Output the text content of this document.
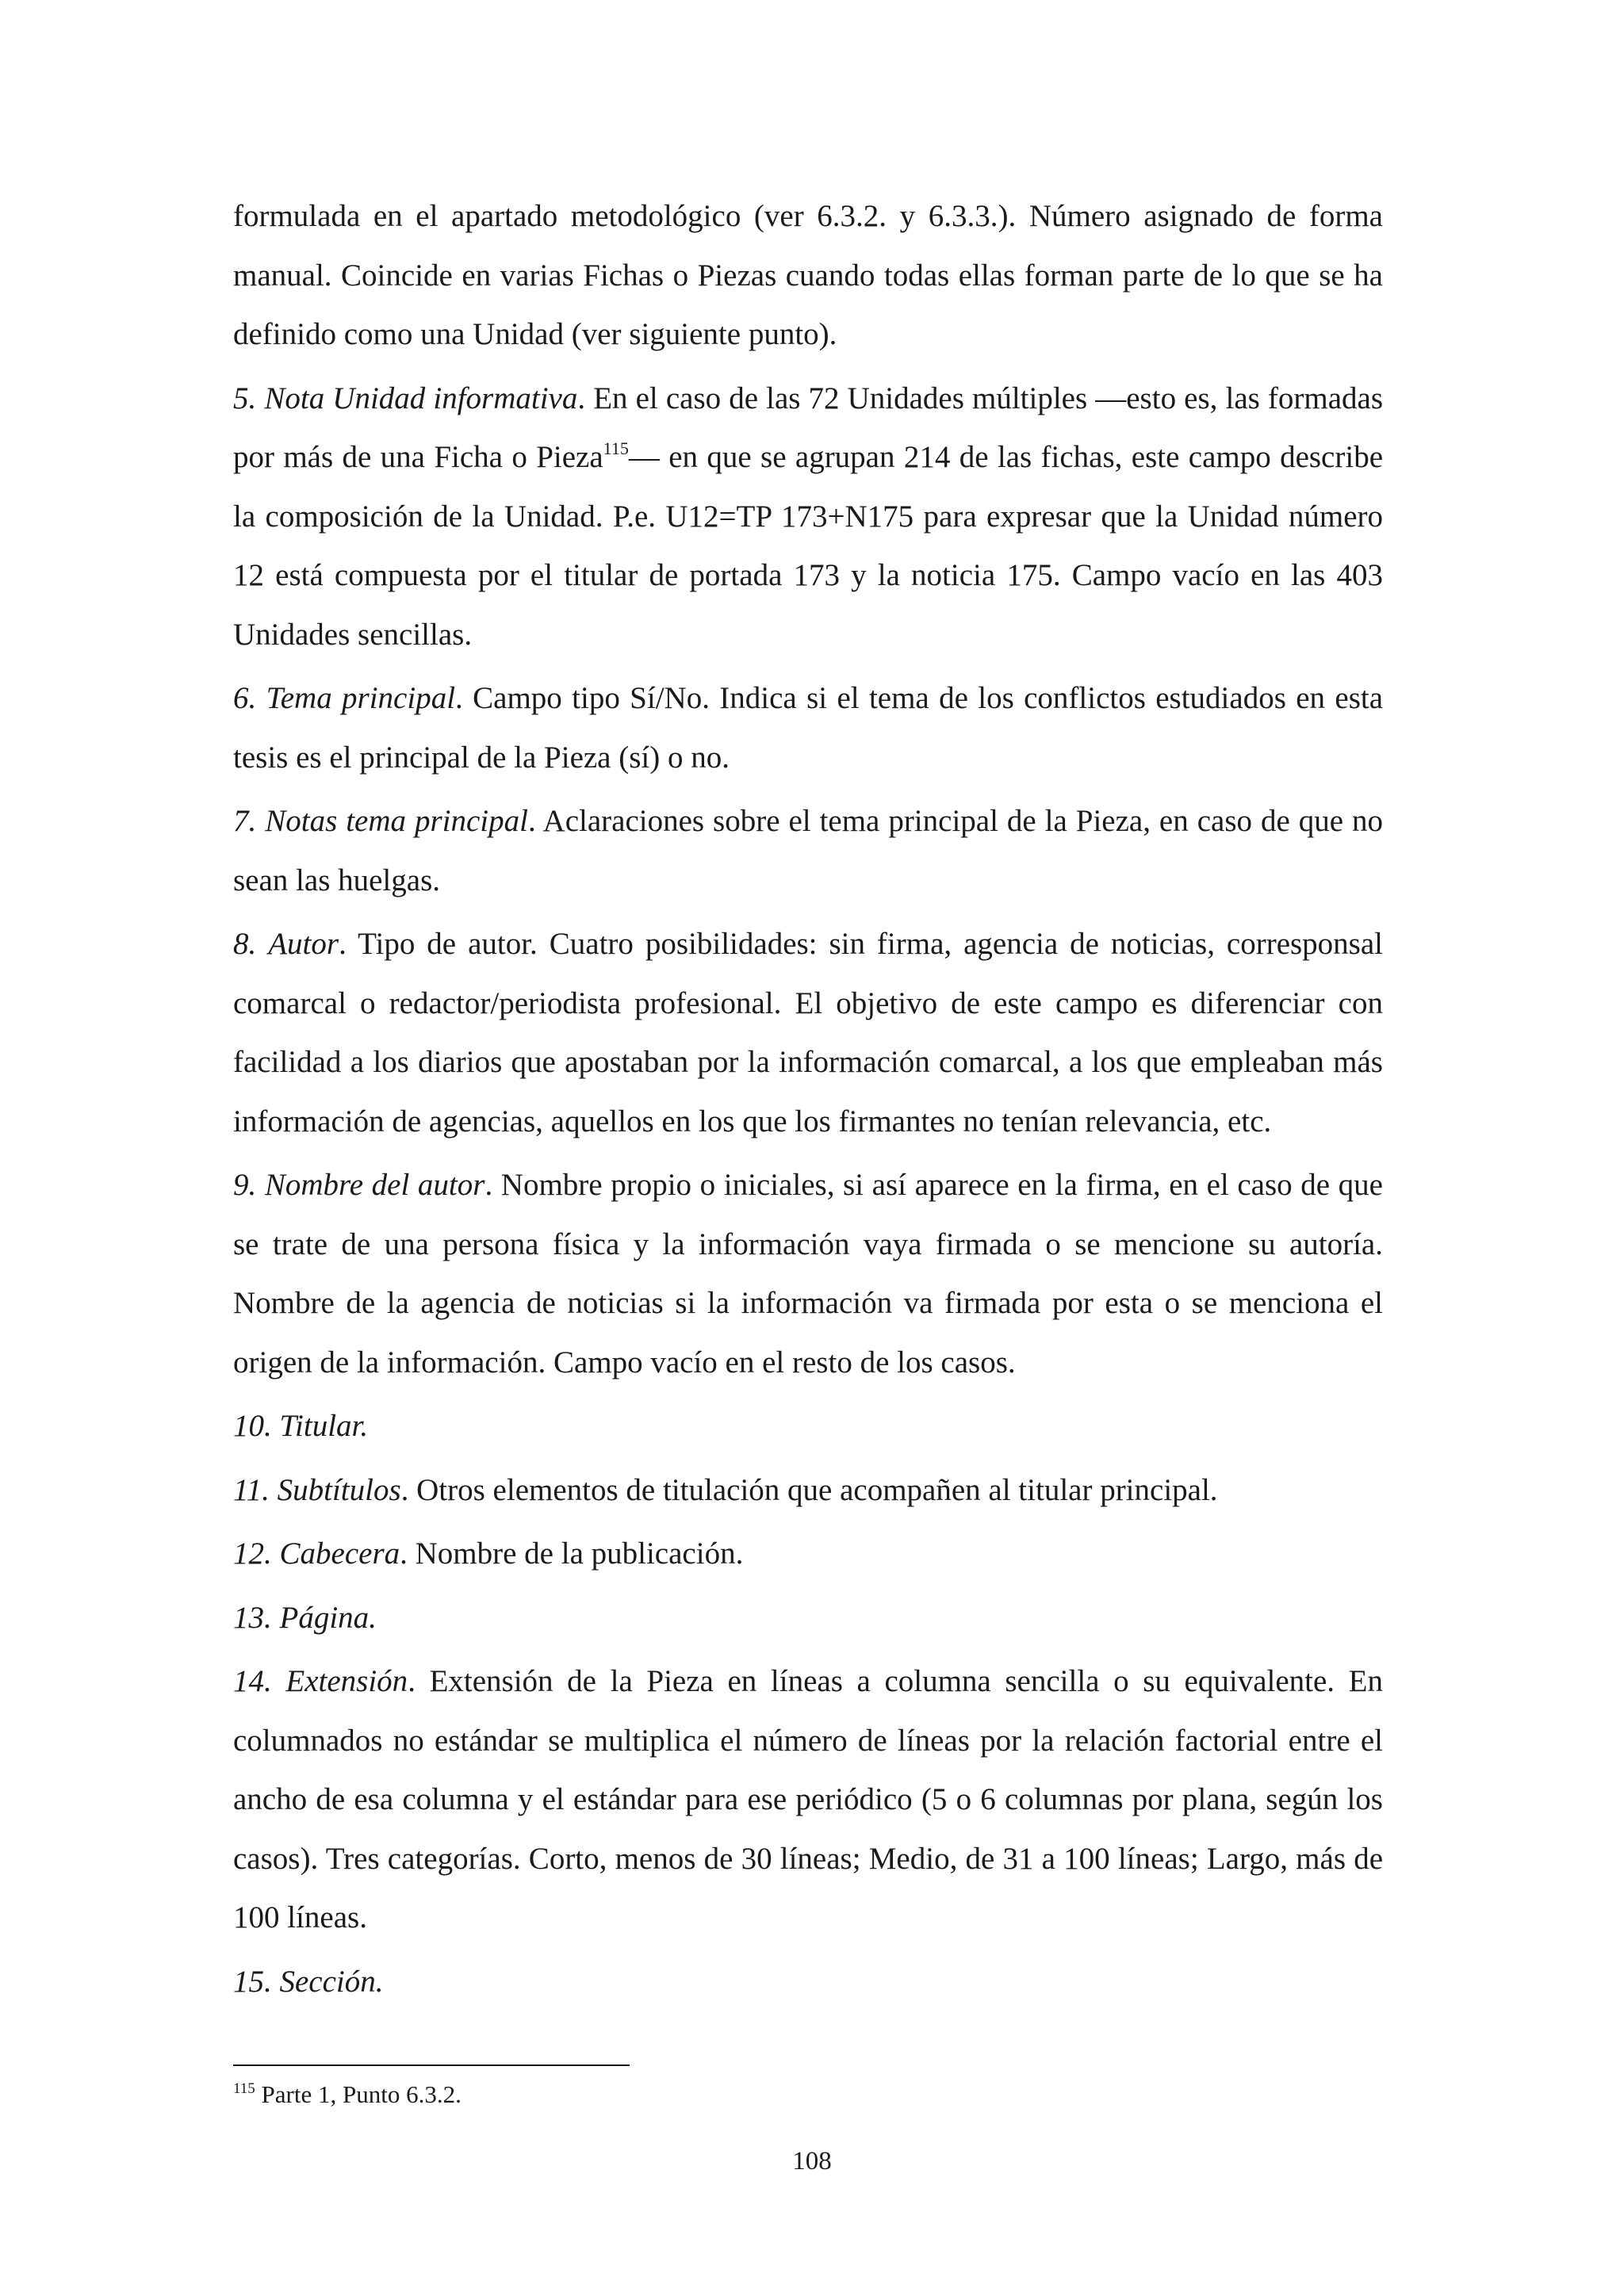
formulada en el apartado metodológico (ver 6.3.2. y 6.3.3.). Número asignado de forma manual. Coincide en varias Fichas o Piezas cuando todas ellas forman parte de lo que se ha definido como una Unidad (ver siguiente punto).

5. Nota Unidad informativa. En el caso de las 72 Unidades múltiples —esto es, las formadas por más de una Ficha o Pieza$^{115}$— en que se agrupan 214 de las fichas, este campo describe la composición de la Unidad. P.e. U12=TP 173+N175 para expresar que la Unidad número 12 está compuesta por el titular de portada 173 y la noticia 175. Campo vacío en las 403 Unidades sencillas.

6. Tema principal. Campo tipo Sí/No. Indica si el tema de los conflictos estudiados en esta tesis es el principal de la Pieza (sí) o no.

7. Notas tema principal. Aclaraciones sobre el tema principal de la Pieza, en caso de que no sean las huelgas.

8. Autor. Tipo de autor. Cuatro posibilidades: sin firma, agencia de noticias, corresponsal comarcal o redactor/periodista profesional. El objetivo de este campo es diferenciar con facilidad a los diarios que apostaban por la información comarcal, a los que empleaban más información de agencias, aquellos en los que los firmantes no tenían relevancia, etc.

9. Nombre del autor. Nombre propio o iniciales, si así aparece en la firma, en el caso de que se trate de una persona física y la información vaya firmada o se mencione su autoría. Nombre de la agencia de noticias si la información va firmada por esta o se menciona el origen de la información. Campo vacío en el resto de los casos.

10. Titular.

11. Subtítulos. Otros elementos de titulación que acompañen al titular principal.

12. Cabecera. Nombre de la publicación.

13. Página.

14. Extensión. Extensión de la Pieza en líneas a columna sencilla o su equivalente. En columnados no estándar se multiplica el número de líneas por la relación factorial entre el ancho de esa columna y el estándar para ese periódico (5 o 6 columnas por plana, según los casos). Tres categorías. Corto, menos de 30 líneas; Medio, de 31 a 100 líneas; Largo, más de 100 líneas.

15. Sección.

$^{115}$ Parte 1, Punto 6.3.2.
108
